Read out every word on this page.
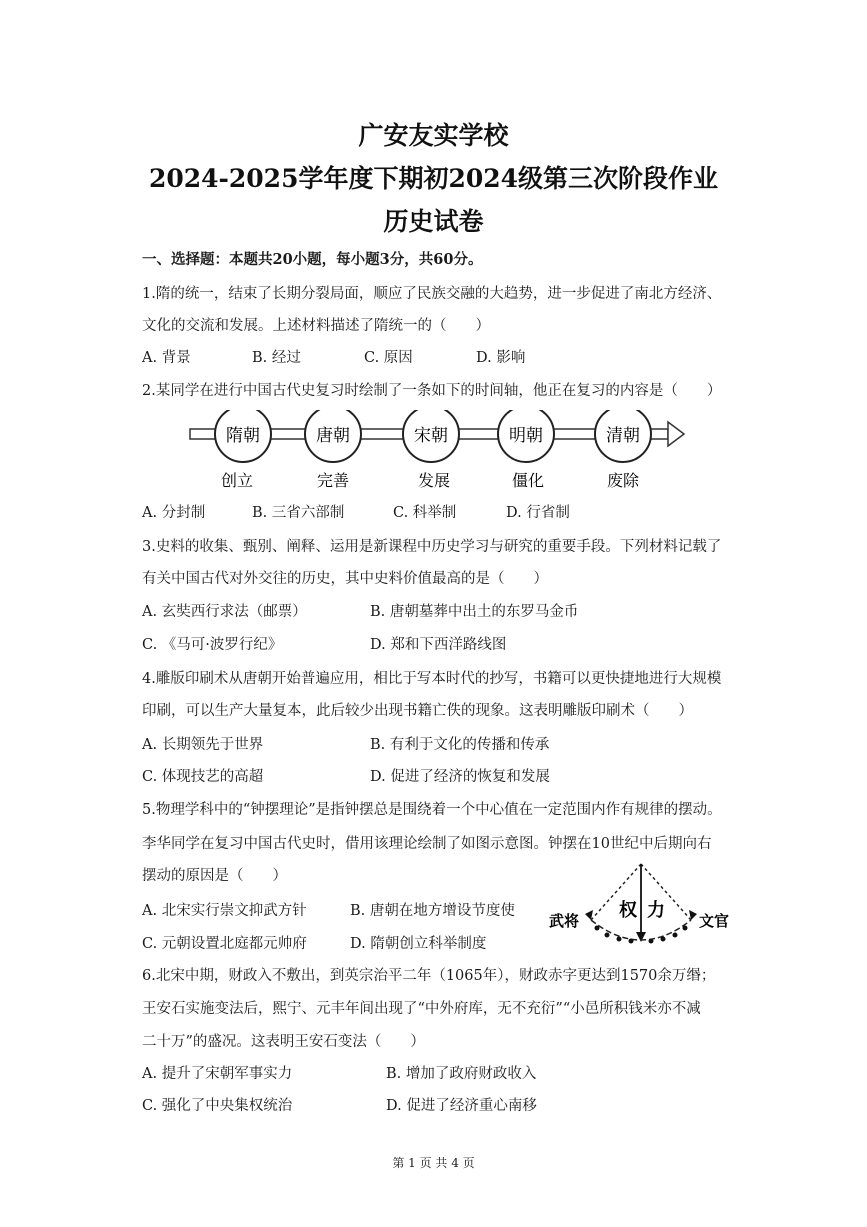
广安友实学校
2024-2025学年度下期初2024级第三次阶段作业
历史试卷
一、选择题：本题共20小题，每小题3分，共60分。
1.隋的统一，结束了长期分裂局面，顺应了民族交融的大趋势，进一步促进了南北方经济、
文化的交流和发展。上述材料描述了隋统一的（　　）
A. 背景	B. 经过	C. 原因	D. 影响
2.某同学在进行中国古代史复习时绘制了一条如下的时间轴，他正在复习的内容是（　　）
隋朝
创立
唐朝
完善
宋朝
发展
明朝
僵化
清朝
废除
A. 分封制	B. 三省六部制	C. 科举制	D. 行省制
3.史料的收集、甄别、阐释、运用是新课程中历史学习与研究的重要手段。下列材料记载了
有关中国古代对外交往的历史，其中史料价值最高的是（　　）
A. 玄奘西行求法（邮票）	B. 唐朝墓葬中出土的东罗马金币
C. 《马可·波罗行纪》	D. 郑和下西洋路线图
4.雕版印刷术从唐朝开始普遍应用，相比于写本时代的抄写，书籍可以更快捷地进行大规模
印刷，可以生产大量复本，此后较少出现书籍亡佚的现象。这表明雕版印刷术（　　）
A. 长期领先于世界	B. 有利于文化的传播和传承
C. 体现技艺的高超	D. 促进了经济的恢复和发展
5.物理学科中的“钟摆理论”是指钟摆总是围绕着一个中心值在一定范围内作有规律的摆动。
李华同学在复习中国古代史时，借用该理论绘制了如图示意图。钟摆在10世纪中后期向右
摆动的原因是（　　）
A. 北宋实行崇文抑武方针	B. 唐朝在地方增设节度使
C. 元朝设置北庭都元帅府	D. 隋朝创立科举制度
武将	文官
权 力
6.北宋中期，财政入不敷出，到英宗治平二年（1065年），财政赤字更达到1570余万缗；
王安石实施变法后，熙宁、元丰年间出现了“中外府库，无不充衍”“小邑所积钱米亦不减
二十万”的盛况。这表明王安石变法（　　）
A. 提升了宋朝军事实力	B. 增加了政府财政收入
C. 强化了中央集权统治	D. 促进了经济重心南移
第 1 页 共 4 页
